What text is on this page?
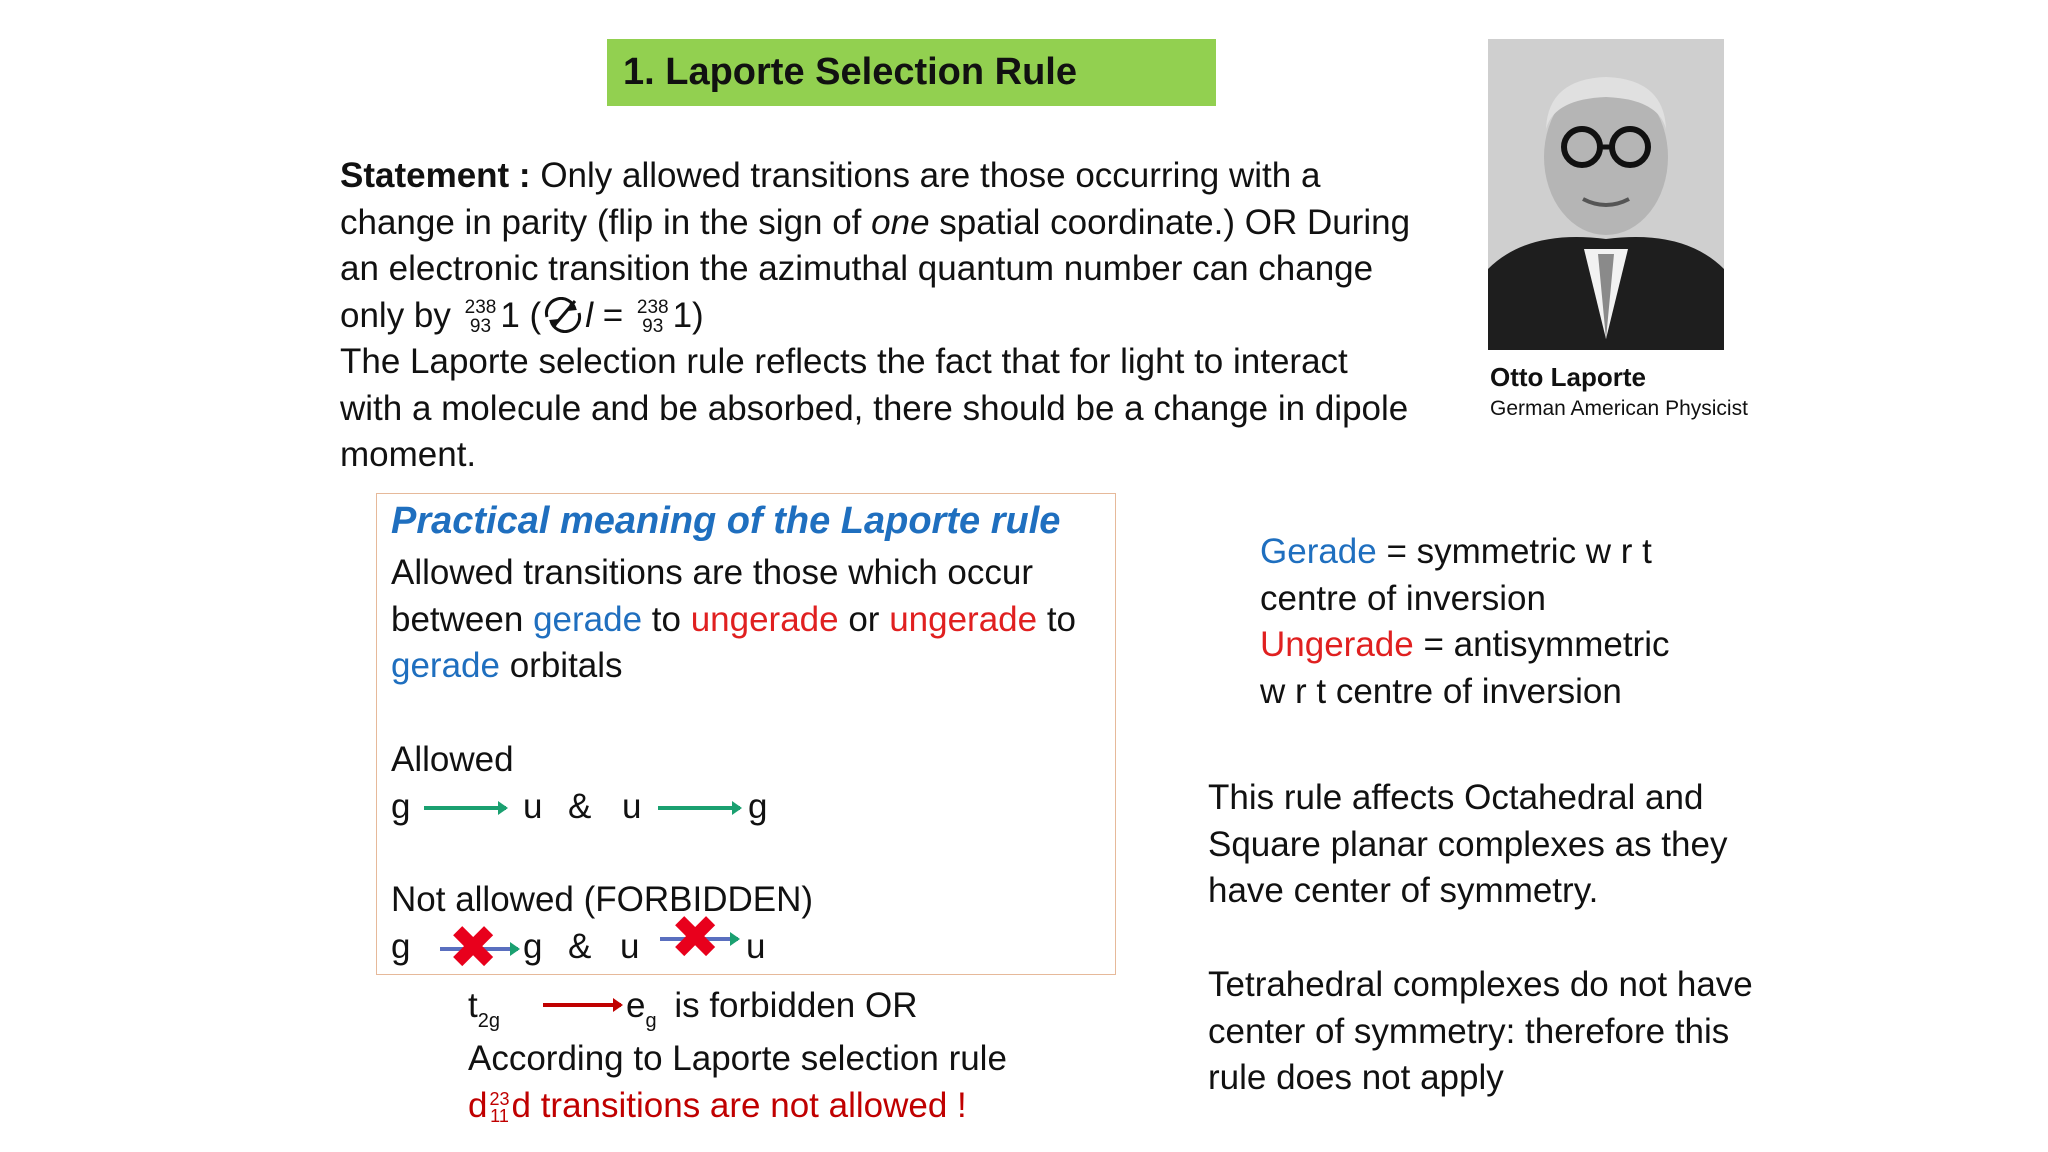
1. Laporte Selection Rule
Statement : Only allowed transitions are those occurring with a
change in parity (flip in the sign of one spatial coordinate.) OR During
an electronic transition the azimuthal quantum number can change
only by 238
93 1 ( l = 238
93 1)
The Laporte selection rule reflects the fact that for light to interact
with a molecule and be absorbed, there should be a change in dipole
moment.
Otto Laporte
German American Physicist
Practical meaning of the Laporte rule
Allowed transitions are those which occur
between gerade to ungerade or ungerade to
gerade orbitals
Allowed
g	u & u	g
Not allowed (FORBIDDEN)
g ✖ g & u ✖ u
$t_{2g}$	$e_g$ is forbidden OR
According to Laporte selection rule
d 23
11 d transitions are not allowed !
Gerade = symmetric w r t
centre of inversion
Ungerade = antisymmetric
w r t centre of inversion
This rule affects Octahedral and
Square planar complexes as they
have center of symmetry.
Tetrahedral complexes do not have
center of symmetry: therefore this
rule does not apply
